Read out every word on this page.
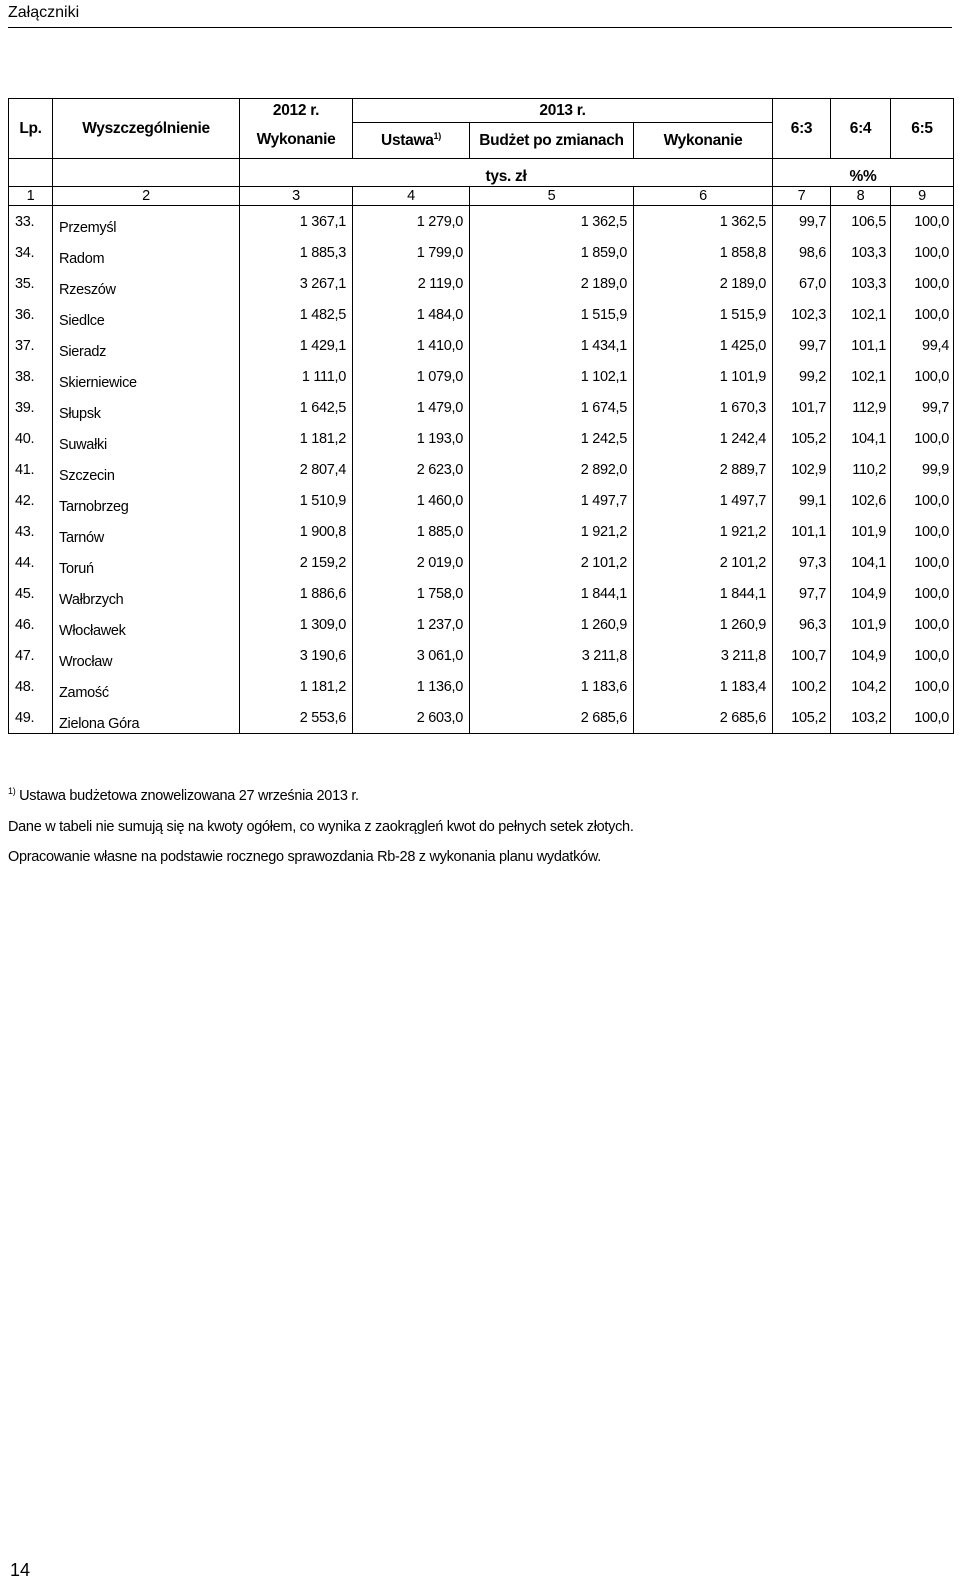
Załączniki
Lp.	Wyszczególnienie	2012 r.	2013 r.			6:3	6:4	6:5
		Wykonanie	Ustawa$^{1)}$	Budżet po zmianach	Wykonanie			
		tys. zł				%%		
1	2	3	4	5	6	7	8	9
33.	Przemyśl	1 367,1	1 279,0	1 362,5	1 362,5	99,7	106,5	100,0
34.	Radom	1 885,3	1 799,0	1 859,0	1 858,8	98,6	103,3	100,0
35.	Rzeszów	3 267,1	2 119,0	2 189,0	2 189,0	67,0	103,3	100,0
36.	Siedlce	1 482,5	1 484,0	1 515,9	1 515,9	102,3	102,1	100,0
37.	Sieradz	1 429,1	1 410,0	1 434,1	1 425,0	99,7	101,1	99,4
38.	Skierniewice	1 111,0	1 079,0	1 102,1	1 101,9	99,2	102,1	100,0
39.	Słupsk	1 642,5	1 479,0	1 674,5	1 670,3	101,7	112,9	99,7
40.	Suwałki	1 181,2	1 193,0	1 242,5	1 242,4	105,2	104,1	100,0
41.	Szczecin	2 807,4	2 623,0	2 892,0	2 889,7	102,9	110,2	99,9
42.	Tarnobrzeg	1 510,9	1 460,0	1 497,7	1 497,7	99,1	102,6	100,0
43.	Tarnów	1 900,8	1 885,0	1 921,2	1 921,2	101,1	101,9	100,0
44.	Toruń	2 159,2	2 019,0	2 101,2	2 101,2	97,3	104,1	100,0
45.	Wałbrzych	1 886,6	1 758,0	1 844,1	1 844,1	97,7	104,9	100,0
46.	Włocławek	1 309,0	1 237,0	1 260,9	1 260,9	96,3	101,9	100,0
47.	Wrocław	3 190,6	3 061,0	3 211,8	3 211,8	100,7	104,9	100,0
48.	Zamość	1 181,2	1 136,0	1 183,6	1 183,4	100,2	104,2	100,0
49.	Zielona Góra	2 553,6	2 603,0	2 685,6	2 685,6	105,2	103,2	100,0
$^{1)}$ Ustawa budżetowa znowelizowana 27 września 2013 r.
Dane w tabeli nie sumują się na kwoty ogółem, co wynika z zaokrągleń kwot do pełnych setek złotych.
Opracowanie własne na podstawie rocznego sprawozdania Rb-28 z wykonania planu wydatków.
14
